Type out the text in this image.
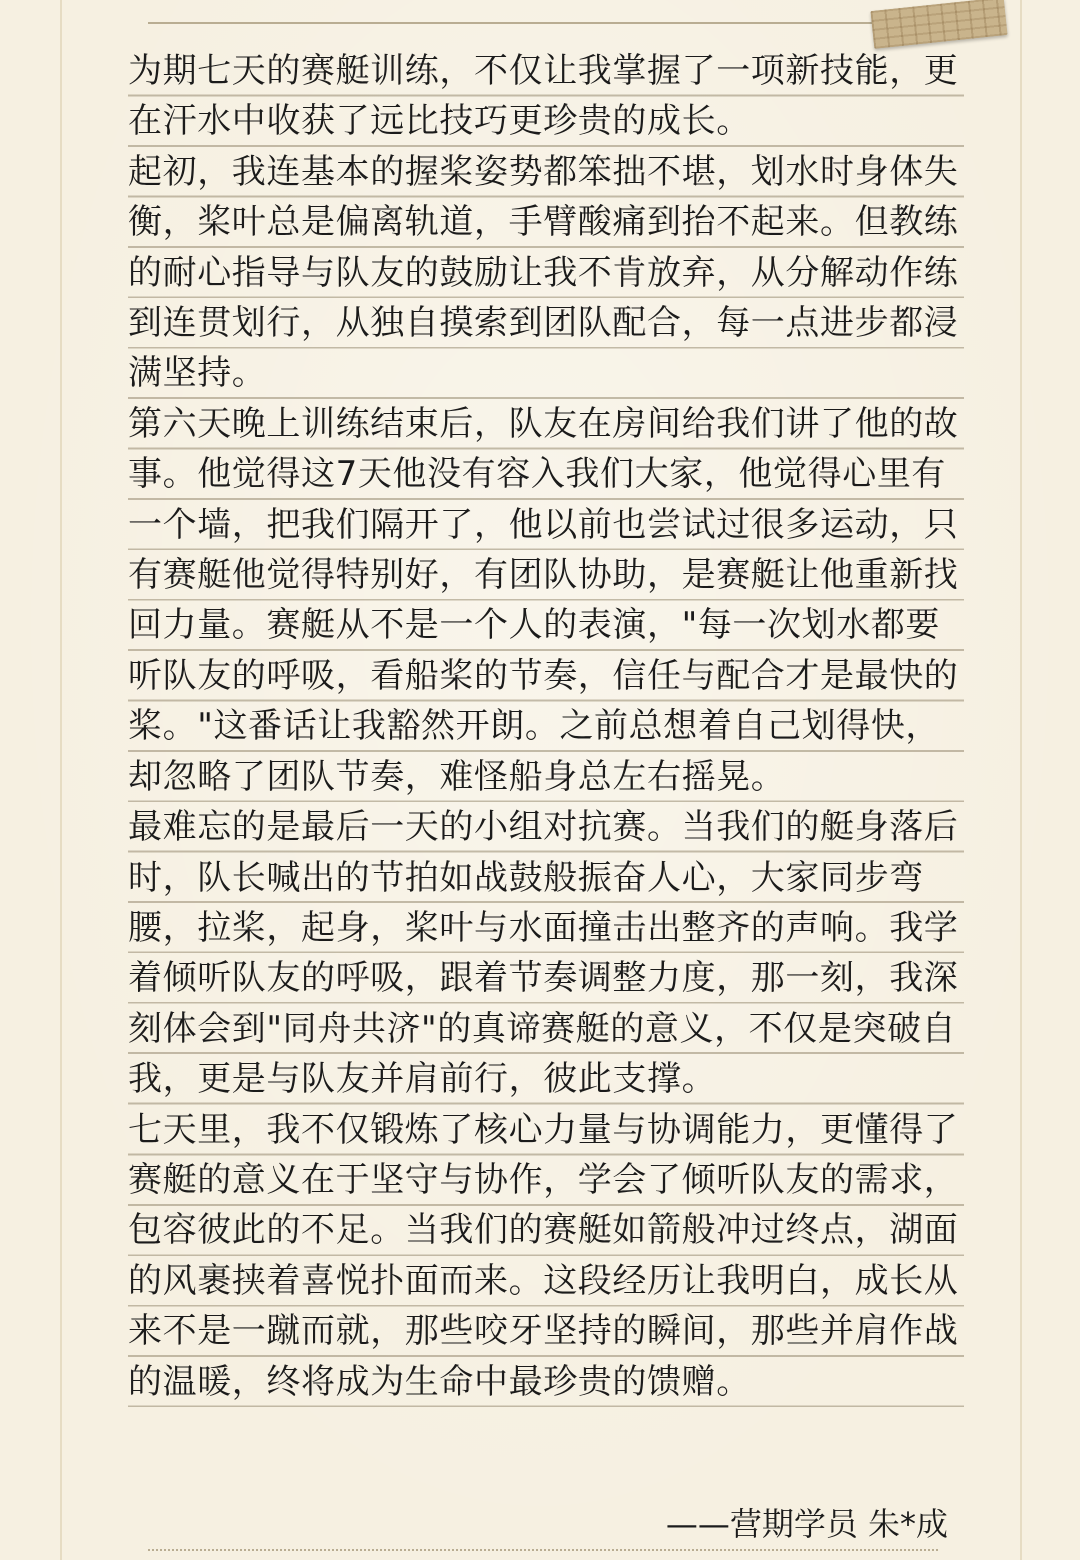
为期七天的赛艇训练，不仅让我掌握了一项新技能，更在汗水中收获了远比技巧更珍贵的成长。

起初，我连基本的握桨姿势都笨拙不堪，划水时身体失衡，桨叶总是偏离轨道，手臂酸痛到抬不起来。但教练的耐心指导与队友的鼓励让我不肯放弃，从分解动作练到连贯划行，从独自摸索到团队配合，每一点进步都浸满坚持。

第六天晚上训练结束后，队友在房间给我们讲了他的故事。他觉得这7天他没有容入我们大家，他觉得心里有一个墙，把我们隔开了，他以前也尝试过很多运动，只有赛艇他觉得特别好，有团队协助，是赛艇让他重新找回力量。赛艇从不是一个人的表演，"每一次划水都要听队友的呼吸，看船桨的节奏，信任与配合才是最快的桨。"这番话让我豁然开朗。之前总想着自己划得快，却忽略了团队节奏，难怪船身总左右摇晃。

最难忘的是最后一天的小组对抗赛。当我们的艇身落后时，队长喊出的节拍如战鼓般振奋人心，大家同步弯腰，拉桨，起身，桨叶与水面撞击出整齐的声响。我学着倾听队友的呼吸，跟着节奏调整力度，那一刻，我深刻体会到"同舟共济"的真谛赛艇的意义，不仅是突破自我，更是与队友并肩前行，彼此支撑。

七天里，我不仅锻炼了核心力量与协调能力，更懂得了赛艇的意义在于坚守与协作，学会了倾听队友的需求，包容彼此的不足。当我们的赛艇如箭般冲过终点，湖面的风裹挟着喜悦扑面而来。这段经历让我明白，成长从来不是一蹴而就，那些咬牙坚持的瞬间，那些并肩作战的温暖，终将成为生命中最珍贵的馈赠。

——营期学员 朱*成
